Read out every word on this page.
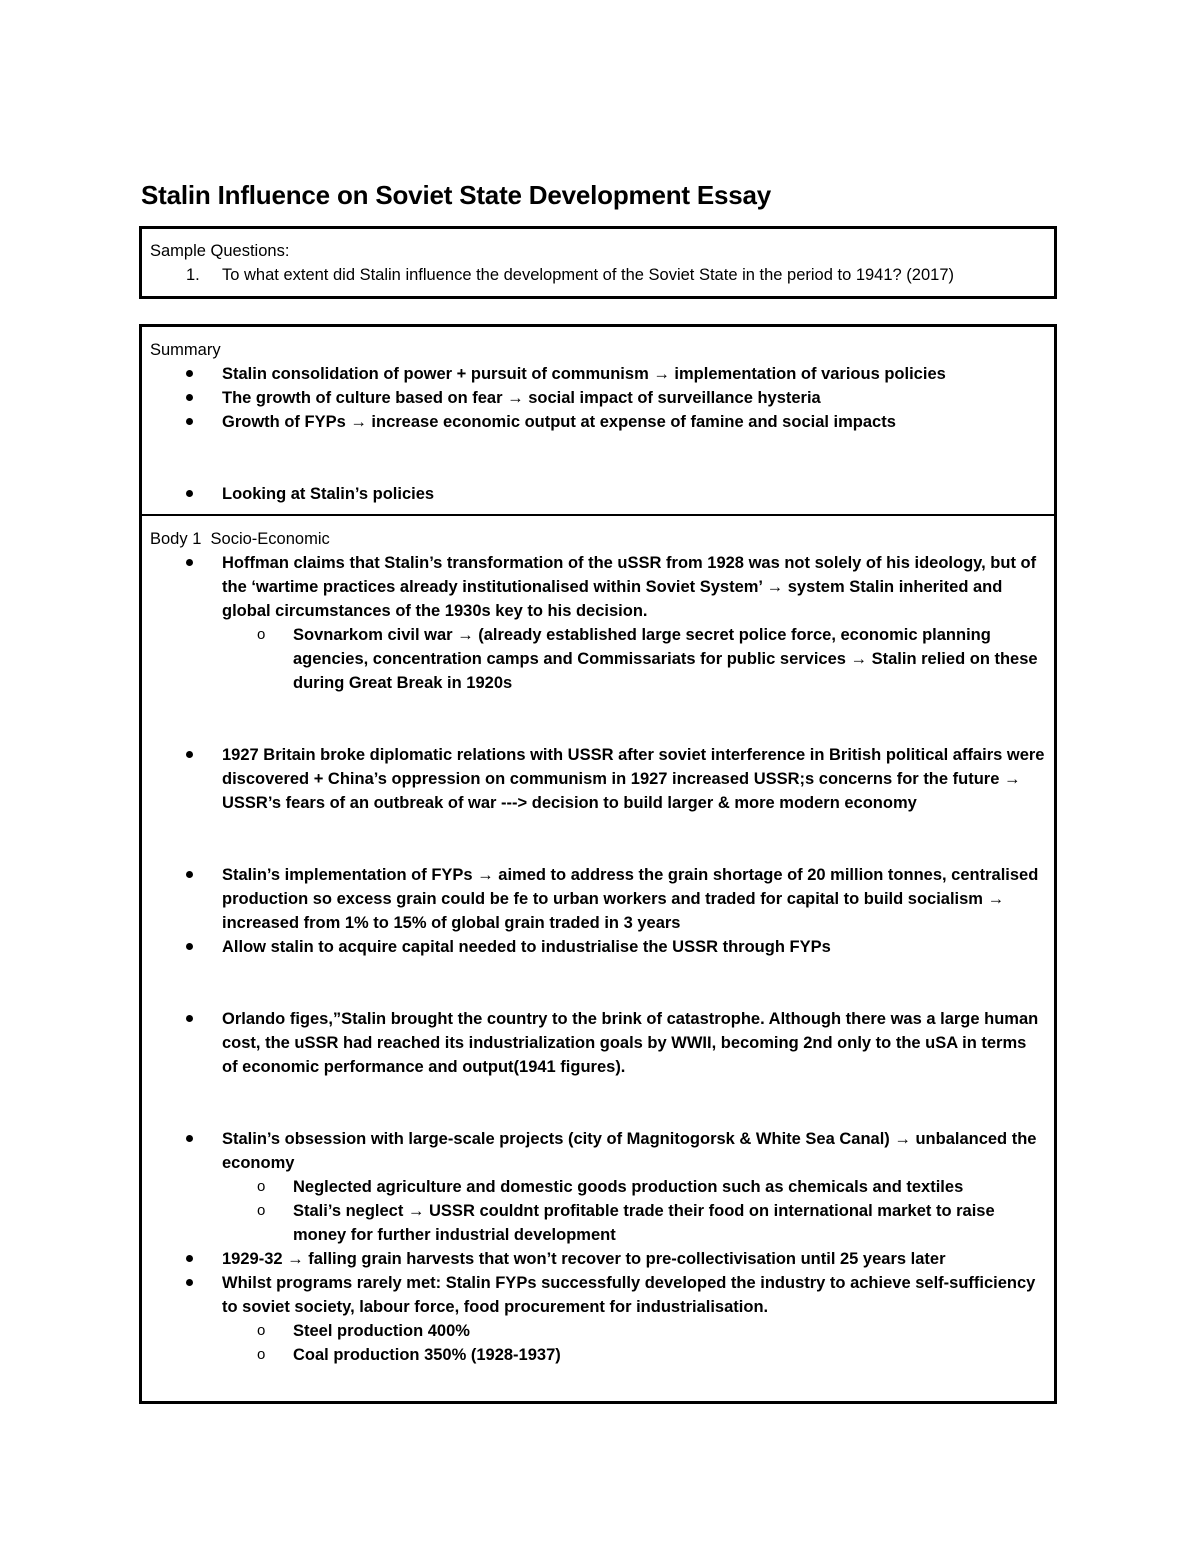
Stalin Influence on Soviet State Development Essay
Sample Questions:
1.	To what extent did Stalin influence the development of the Soviet State in the period to 1941? (2017)
Summary
Stalin consolidation of power + pursuit of communism → implementation of various policies
The growth of culture based on fear → social impact of surveillance hysteria
Growth of FYPs → increase economic output at expense of famine and social impacts
Looking at Stalin’s policies
Body 1  Socio-Economic
Hoffman claims that Stalin’s transformation of the uSSR from 1928 was not solely of his ideology, but of the ‘wartime practices already institutionalised within Soviet System’ → system Stalin inherited and global circumstances of the 1930s key to his decision.
o	Sovnarkom civil war → (already established large secret police force, economic planning agencies, concentration camps and Commissariats for public services → Stalin relied on these during Great Break in 1920s
1927 Britain broke diplomatic relations with USSR after soviet interference in British political affairs were discovered + China’s oppression on communism in 1927 increased USSR;s concerns for the future → USSR’s fears of an outbreak of war ---> decision to build larger & more modern economy
Stalin’s implementation of FYPs → aimed to address the grain shortage of 20 million tonnes, centralised production so excess grain could be fe to urban workers and traded for capital to build socialism → increased from 1% to 15% of global grain traded in 3 years
Allow stalin to acquire capital needed to industrialise the USSR through FYPs
Orlando figes,”Stalin brought the country to the brink of catastrophe. Although there was a large human cost, the uSSR had reached its industrialization goals by WWII, becoming 2nd only to the uSA in terms of economic performance and output(1941 figures).
Stalin’s obsession with large-scale projects (city of Magnitogorsk & White Sea Canal) → unbalanced the economy
o	Neglected agriculture and domestic goods production such as chemicals and textiles
o	Stali’s neglect → USSR couldnt profitable trade their food on international market to raise money for further industrial development
1929-32 → falling grain harvests that won’t recover to pre-collectivisation until 25 years later
Whilst programs rarely met: Stalin FYPs successfully developed the industry to achieve self-sufficiency to soviet society, labour force, food procurement for industrialisation.
o	Steel production 400%
o	Coal production 350% (1928-1937)
